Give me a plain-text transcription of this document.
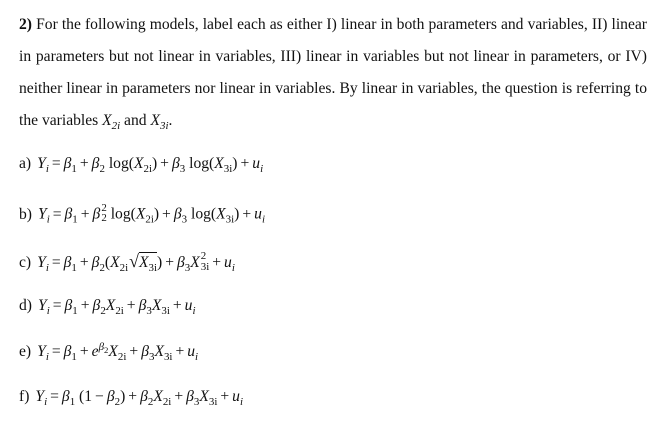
2) For the following models, label each as either I) linear in both parameters and variables, II) linear in parameters but not linear in variables, III) linear in variables but not linear in parameters, or IV) neither linear in parameters nor linear in variables. By linear in variables, the question is referring to the variables $X_{2i}$ and $X_{3i}$.
a) $Y_i = \beta_1 + \beta_2$ $\log(X_{2i}) + \beta_3$ $\log(X_{3i}) + u_i$
b) $Y_i = \beta_1 + \beta$ 2
2 $\log(X_{2i}) + \beta_3$ $\log(X_{3i}) + u_i$
c) $Y_i = \beta_1 + \beta_2(X_{2i}√X_{3i}) + \beta_3X$ 2
$3i + u_i$
d) $Y_i = \beta_1 + \beta_2X_{2i} + \beta_3X_{3i} + u_i$
e) $Y_i = \beta_1 + e^{\beta_2}X_{2i} + \beta_3X_{3i} + u_i$
f) $Y_i = \beta_1$ $(1 - \beta_2) + \beta_2X_{2i} + \beta_3X_{3i} + u_i$
